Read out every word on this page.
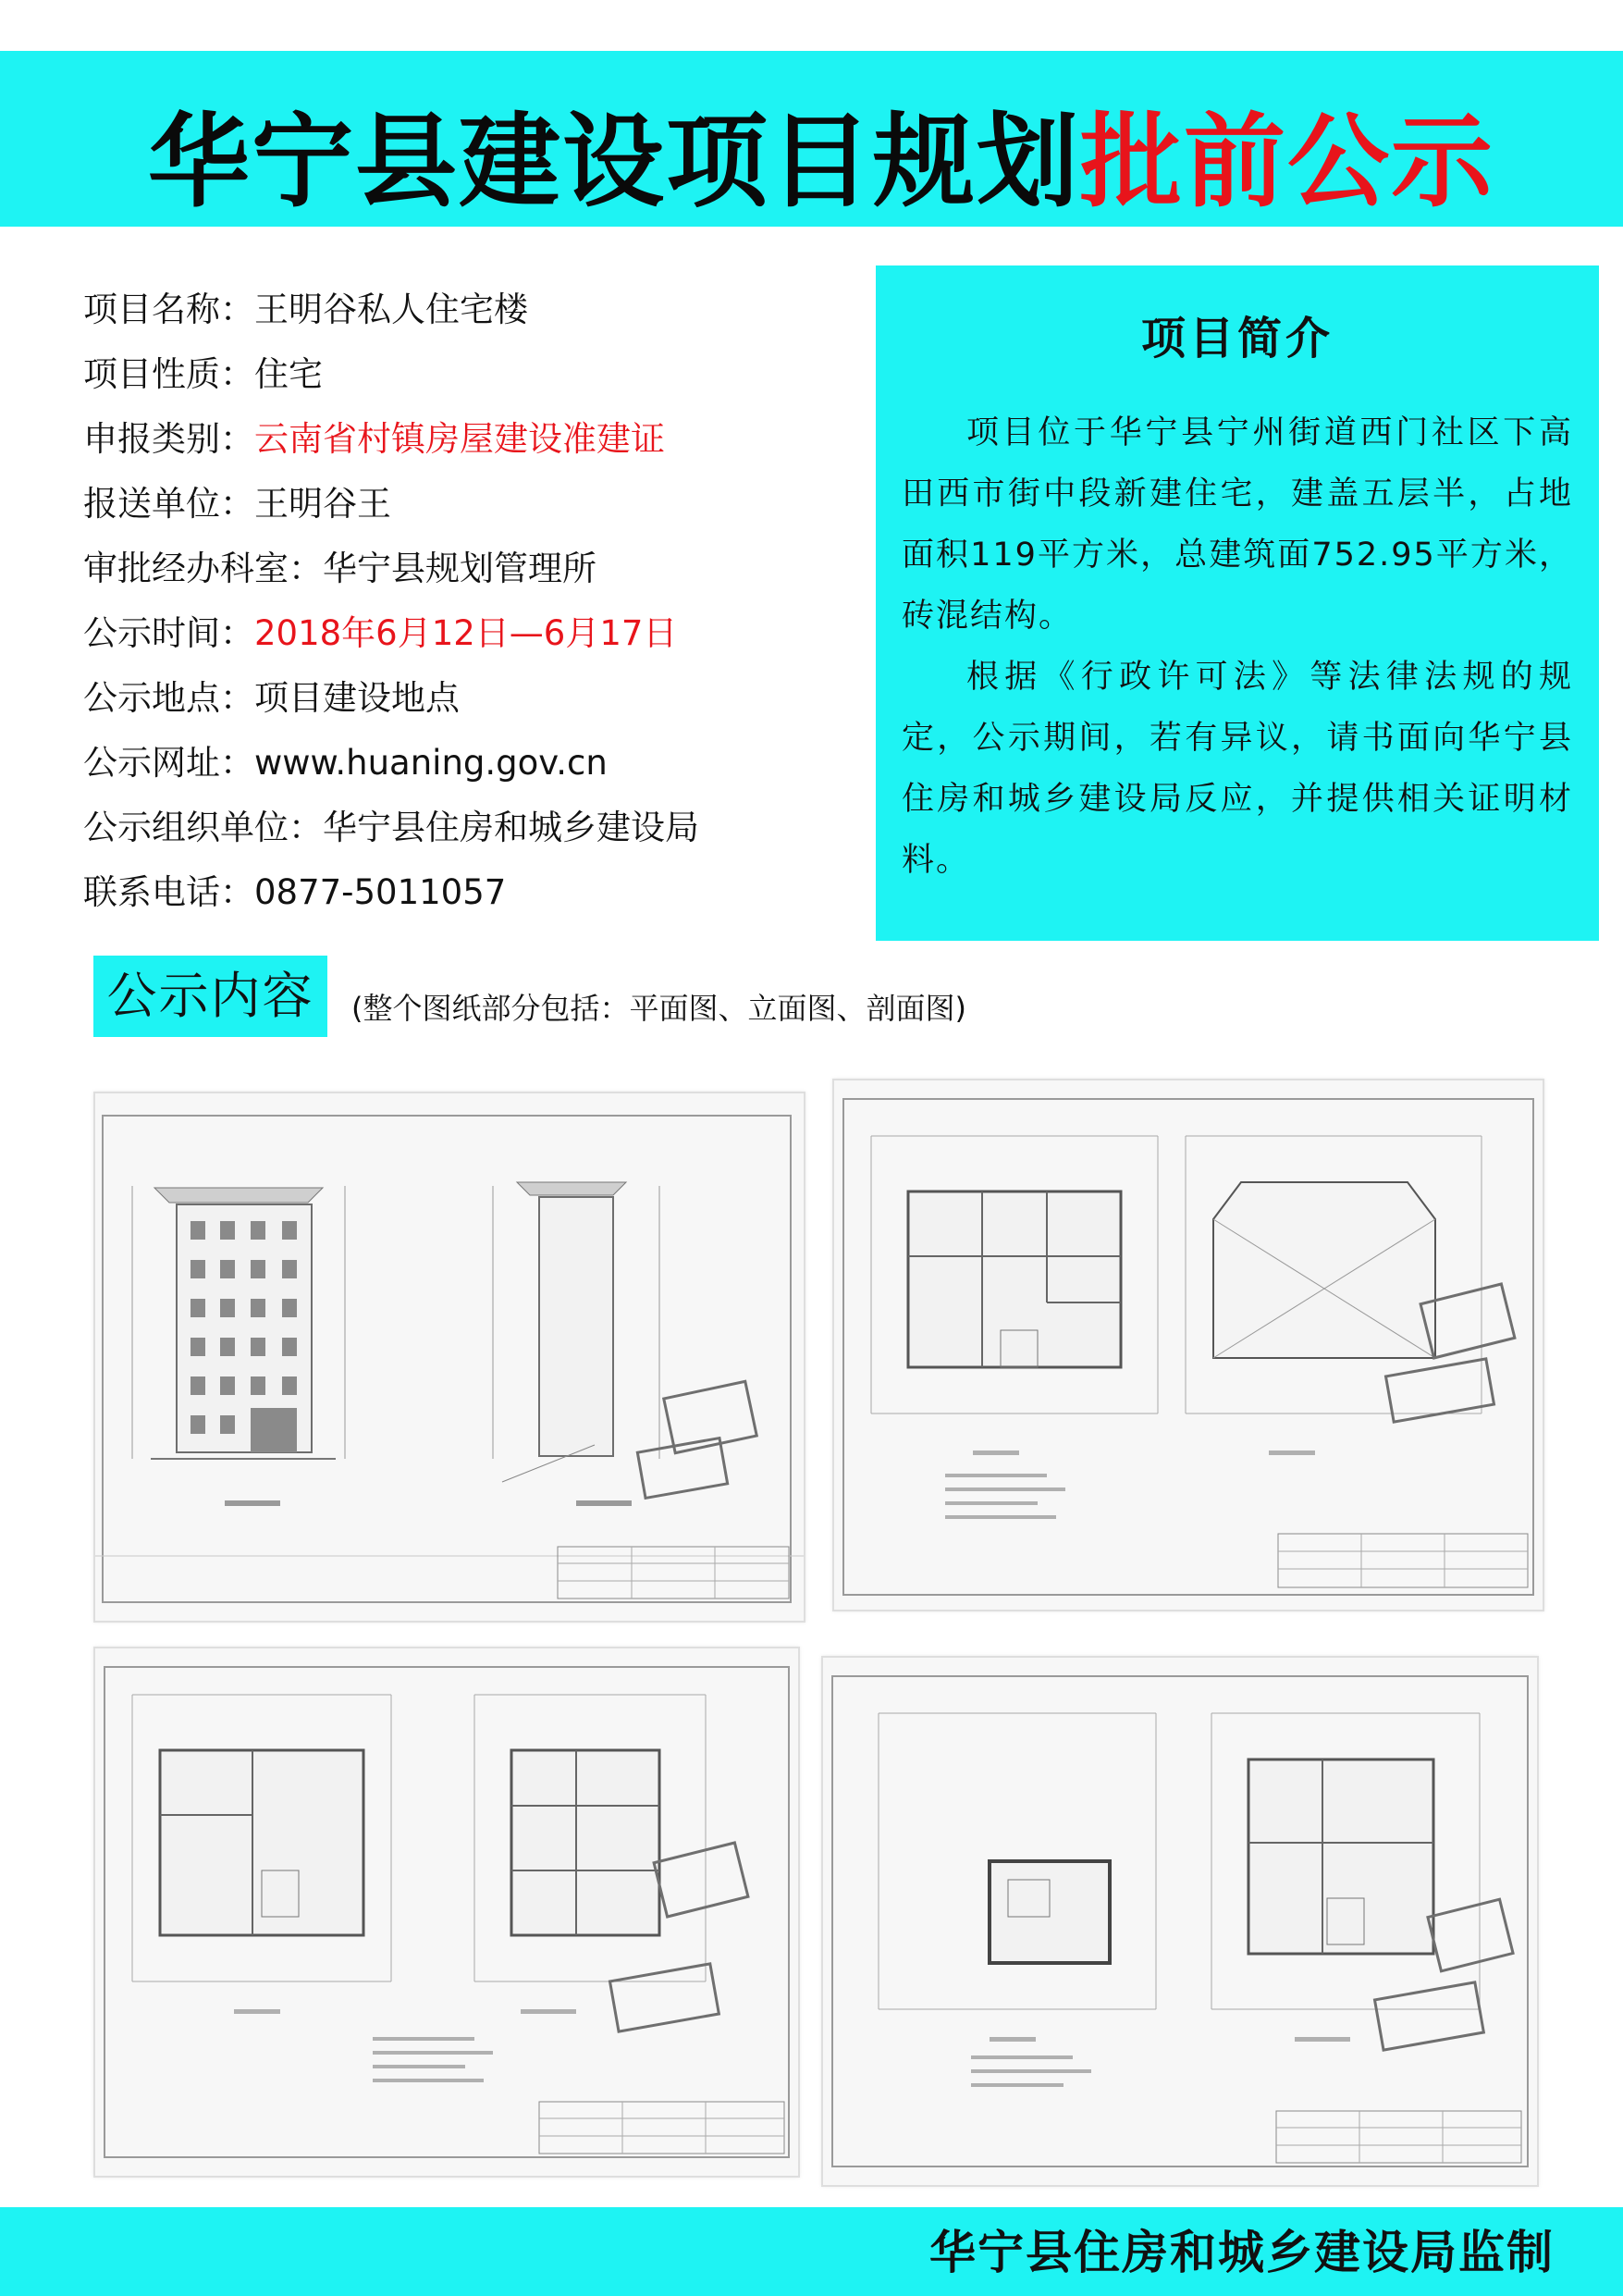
华宁县建设项目规划批前公示
项目名称：王明谷私人住宅楼
项目性质：住宅
申报类别：云南省村镇房屋建设准建证
报送单位：王明谷王
审批经办科室：华宁县规划管理所
公示时间：2018年6月12日—6月17日
公示地点：项目建设地点
公示网址：www.huaning.gov.cn
公示组织单位：华宁县住房和城乡建设局
联系电话：0877-5011057
项目简介

项目位于华宁县宁州街道西门社区下高田西市街中段新建住宅，建盖五层半，占地面积119平方米，总建筑面752.95平方米，砖混结构。

根据《行政许可法》等法律法规的规定，公示期间，若有异议，请书面向华宁县住房和城乡建设局反应，并提供相关证明材料。

公示内容	(整个图纸部分包括：平面图、立面图、剖面图)
华宁县住房和城乡建设局监制
